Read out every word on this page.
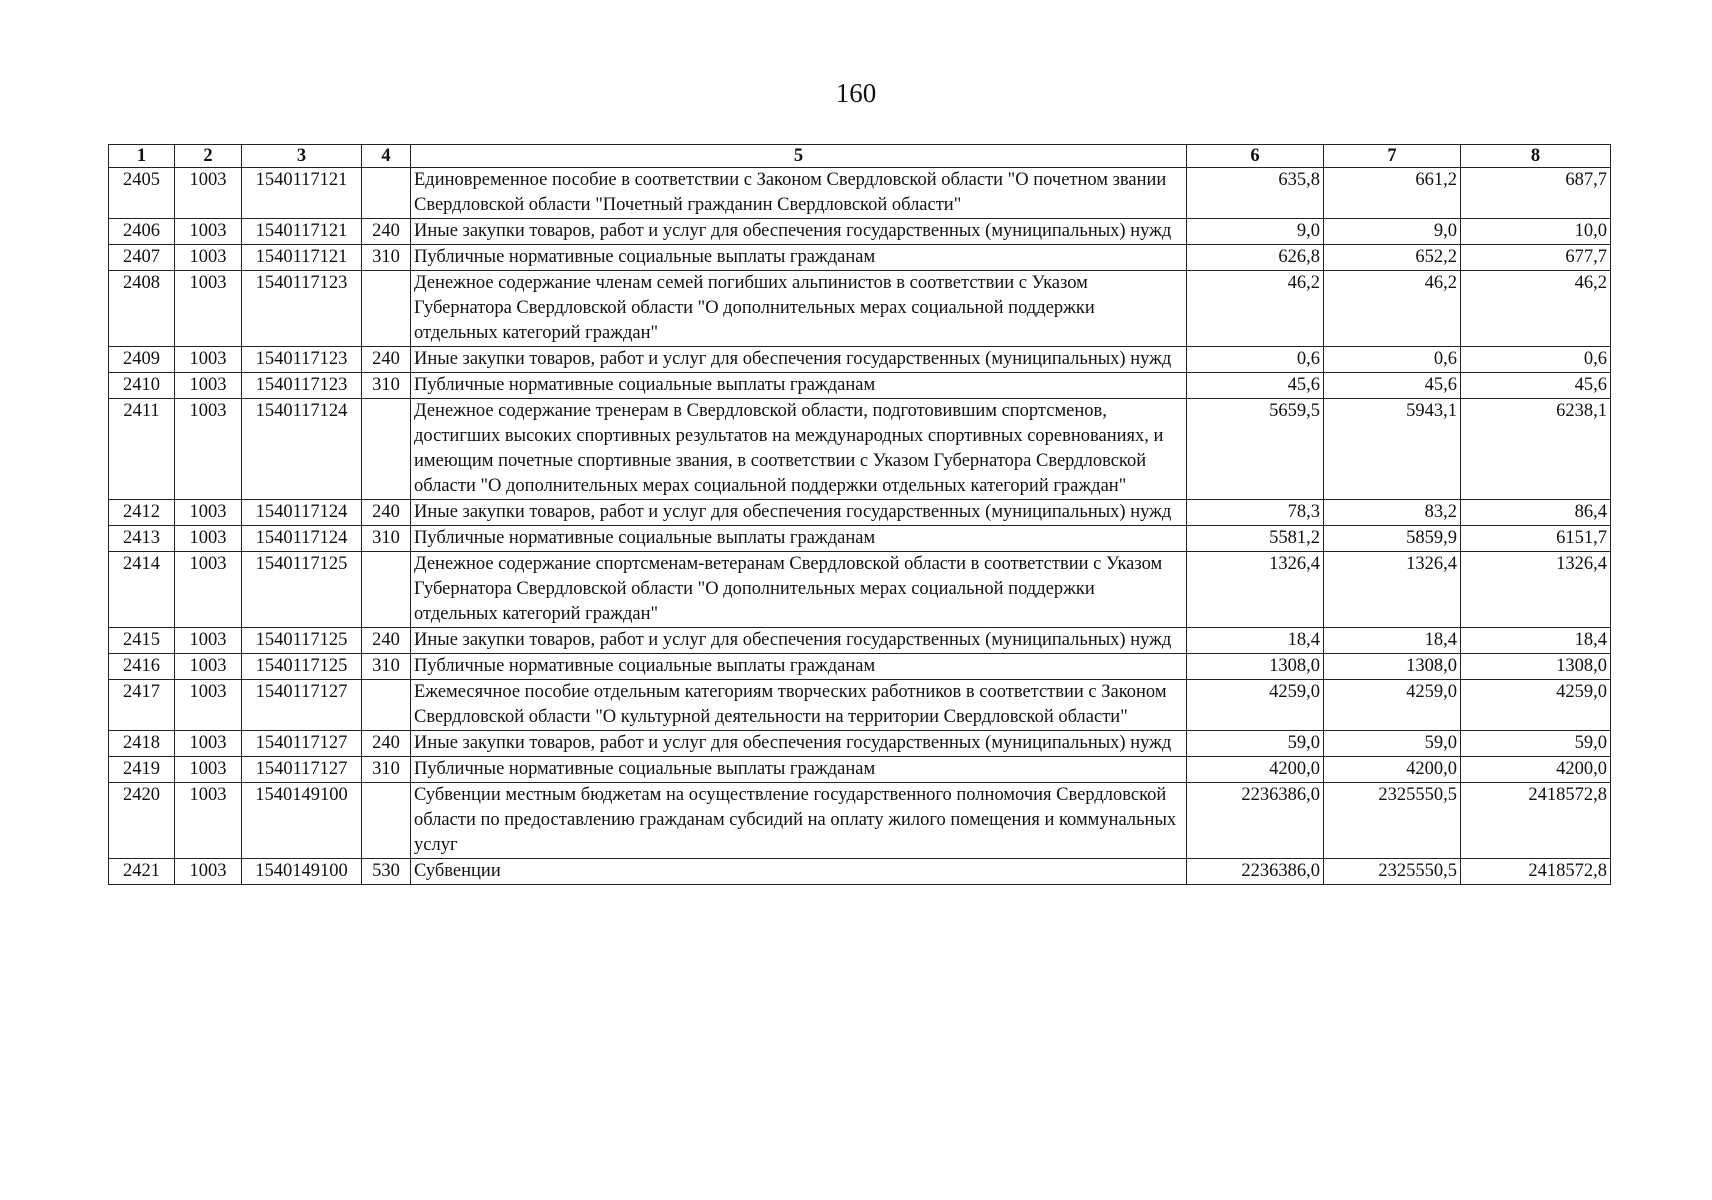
160
1	2	3	4	5	6	7	8
2405	1003	1540117121		Единовременное пособие в соответствии с Законом Свердловской области "О почетном звании Свердловской области "Почетный гражданин Свердловской области"	635,8	661,2	687,7
2406	1003	1540117121	240	Иные закупки товаров, работ и услуг для обеспечения государственных (муниципальных) нужд	9,0	9,0	10,0
2407	1003	1540117121	310	Публичные нормативные социальные выплаты гражданам	626,8	652,2	677,7
2408	1003	1540117123		Денежное содержание членам семей погибших альпинистов в соответствии с Указом Губернатора Свердловской области "О дополнительных мерах социальной поддержки отдельных категорий граждан"	46,2	46,2	46,2
2409	1003	1540117123	240	Иные закупки товаров, работ и услуг для обеспечения государственных (муниципальных) нужд	0,6	0,6	0,6
2410	1003	1540117123	310	Публичные нормативные социальные выплаты гражданам	45,6	45,6	45,6
2411	1003	1540117124		Денежное содержание тренерам в Свердловской области, подготовившим спортсменов, достигших высоких спортивных результатов на международных спортивных соревнованиях, и имеющим почетные спортивные звания, в соответствии с Указом Губернатора Свердловской области "О дополнительных мерах социальной поддержки отдельных категорий граждан"	5659,5	5943,1	6238,1
2412	1003	1540117124	240	Иные закупки товаров, работ и услуг для обеспечения государственных (муниципальных) нужд	78,3	83,2	86,4
2413	1003	1540117124	310	Публичные нормативные социальные выплаты гражданам	5581,2	5859,9	6151,7
2414	1003	1540117125		Денежное содержание спортсменам-ветеранам Свердловской области в соответствии с Указом Губернатора Свердловской области "О дополнительных мерах социальной поддержки отдельных категорий граждан"	1326,4	1326,4	1326,4
2415	1003	1540117125	240	Иные закупки товаров, работ и услуг для обеспечения государственных (муниципальных) нужд	18,4	18,4	18,4
2416	1003	1540117125	310	Публичные нормативные социальные выплаты гражданам	1308,0	1308,0	1308,0
2417	1003	1540117127		Ежемесячное пособие отдельным категориям творческих работников в соответствии с Законом Свердловской области "О культурной деятельности на территории Свердловской области"	4259,0	4259,0	4259,0
2418	1003	1540117127	240	Иные закупки товаров, работ и услуг для обеспечения государственных (муниципальных) нужд	59,0	59,0	59,0
2419	1003	1540117127	310	Публичные нормативные социальные выплаты гражданам	4200,0	4200,0	4200,0
2420	1003	1540149100		Субвенции местным бюджетам на осуществление государственного полномочия Свердловской области по предоставлению гражданам субсидий на оплату жилого помещения и коммунальных услуг	2236386,0	2325550,5	2418572,8
2421	1003	1540149100	530	Субвенции	2236386,0	2325550,5	2418572,8
